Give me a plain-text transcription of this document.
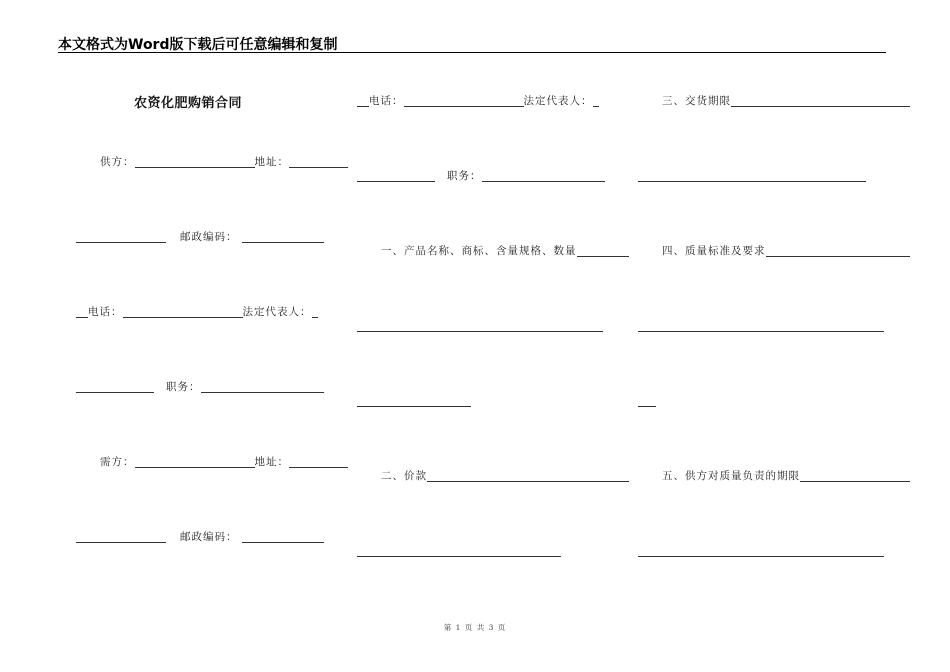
本文格式为Word版下载后可任意编辑和复制
农资化肥购销合同
供方：	地址：
邮政编码：
电话：	法定代表人：
职务：
需方：	地址：
邮政编码：
电话：	法定代表人：
职务：
一、产品名称、商标、含量规格、数量
二、价款
三、交货期限
四、质量标准及要求
五、供方对质量负责的期限
第 1 页 共 3 页
